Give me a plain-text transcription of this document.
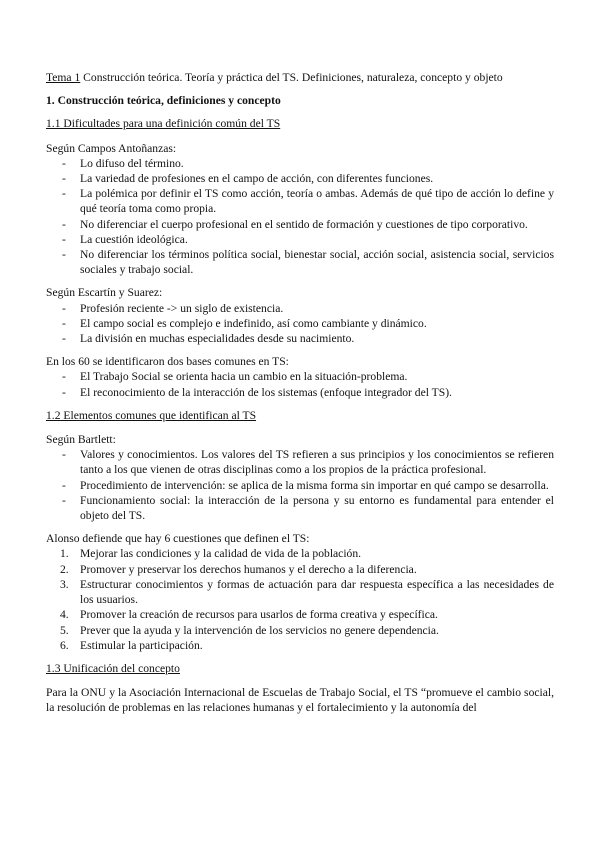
Tema 1 Construcción teórica. Teoría y práctica del TS. Definiciones, naturaleza, concepto y objeto

1. Construcción teórica, definiciones y concepto

1.1 Dificultades para una definición común del TS

Según Campos Antoñanzas:

- Lo difuso del término.
- La variedad de profesiones en el campo de acción, con diferentes funciones.
- La polémica por definir el TS como acción, teoría o ambas. Además de qué tipo de acción lo define y qué teoría toma como propia.
- No diferenciar el cuerpo profesional en el sentido de formación y cuestiones de tipo corporativo.
- La cuestión ideológica.
- No diferenciar los términos política social, bienestar social, acción social, asistencia social, servicios sociales y trabajo social.

Según Escartín y Suarez:

- Profesión reciente -> un siglo de existencia.
- El campo social es complejo e indefinido, así como cambiante y dinámico.
- La división en muchas especialidades desde su nacimiento.

En los 60 se identificaron dos bases comunes en TS:

- El Trabajo Social se orienta hacia un cambio en la situación-problema.
- El reconocimiento de la interacción de los sistemas (enfoque integrador del TS).

1.2 Elementos comunes que identifican al TS

Según Bartlett:

- Valores y conocimientos. Los valores del TS refieren a sus principios y los conocimientos se refieren tanto a los que vienen de otras disciplinas como a los propios de la práctica profesional.
- Procedimiento de intervención: se aplica de la misma forma sin importar en qué campo se desarrolla.
- Funcionamiento social: la interacción de la persona y su entorno es fundamental para entender el objeto del TS.

Alonso defiende que hay 6 cuestiones que definen el TS:

1. Mejorar las condiciones y la calidad de vida de la población.
2. Promover y preservar los derechos humanos y el derecho a la diferencia.
3. Estructurar conocimientos y formas de actuación para dar respuesta específica a las necesidades de los usuarios.
4. Promover la creación de recursos para usarlos de forma creativa y específica.
5. Prever que la ayuda y la intervención de los servicios no genere dependencia.
6. Estimular la participación.

1.3 Unificación del concepto

Para la ONU y la Asociación Internacional de Escuelas de Trabajo Social, el TS “promueve el cambio social, la resolución de problemas en las relaciones humanas y el fortalecimiento y la autonomía del
